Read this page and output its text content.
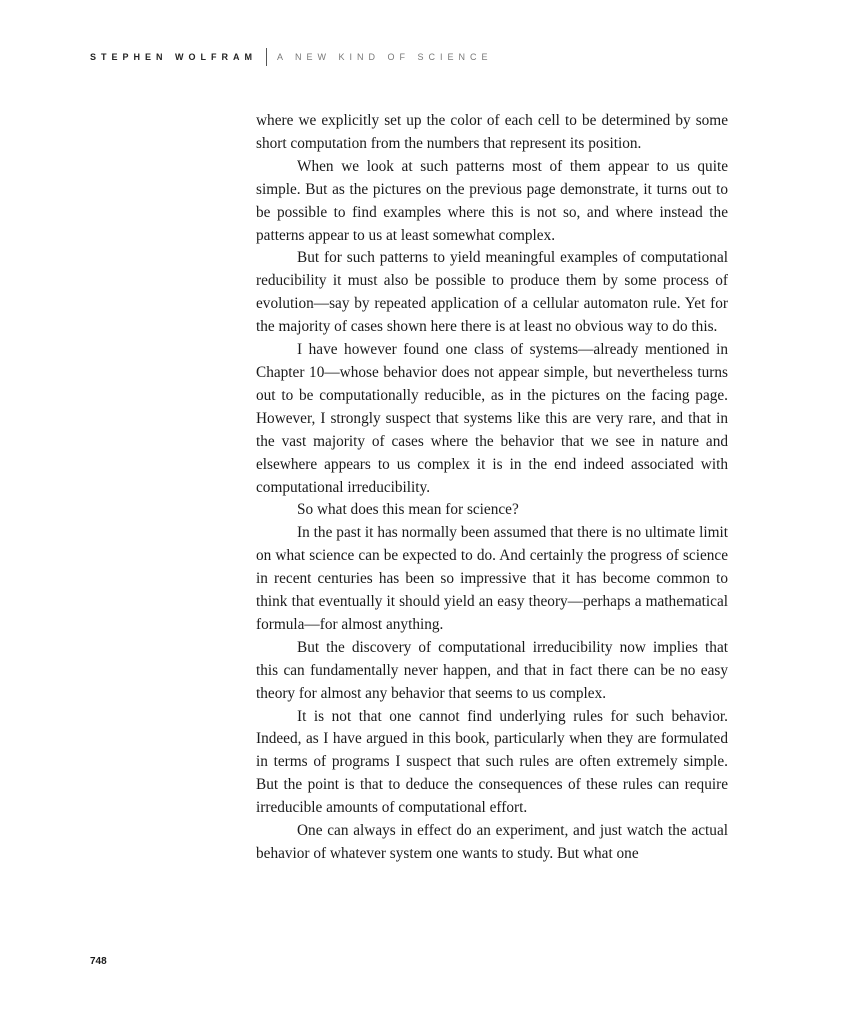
STEPHEN WOLFRAM A NEW KIND OF SCIENCE

where we explicitly set up the color of each cell to be determined by some short computation from the numbers that represent its position.

When we look at such patterns most of them appear to us quite simple. But as the pictures on the previous page demonstrate, it turns out to be possible to find examples where this is not so, and where instead the patterns appear to us at least somewhat complex.

But for such patterns to yield meaningful examples of computational reducibility it must also be possible to produce them by some process of evolution—say by repeated application of a cellular automaton rule. Yet for the majority of cases shown here there is at least no obvious way to do this.

I have however found one class of systems—already mentioned in Chapter 10—whose behavior does not appear simple, but nevertheless turns out to be computationally reducible, as in the pictures on the facing page. However, I strongly suspect that systems like this are very rare, and that in the vast majority of cases where the behavior that we see in nature and elsewhere appears to us complex it is in the end indeed associated with computational irreducibility.

So what does this mean for science?

In the past it has normally been assumed that there is no ultimate limit on what science can be expected to do. And certainly the progress of science in recent centuries has been so impressive that it has become common to think that eventually it should yield an easy theory—perhaps a mathematical formula—for almost anything.

But the discovery of computational irreducibility now implies that this can fundamentally never happen, and that in fact there can be no easy theory for almost any behavior that seems to us complex.

It is not that one cannot find underlying rules for such behavior. Indeed, as I have argued in this book, particularly when they are formulated in terms of programs I suspect that such rules are often extremely simple. But the point is that to deduce the consequences of these rules can require irreducible amounts of computational effort.

One can always in effect do an experiment, and just watch the actual behavior of whatever system one wants to study. But what one

748
